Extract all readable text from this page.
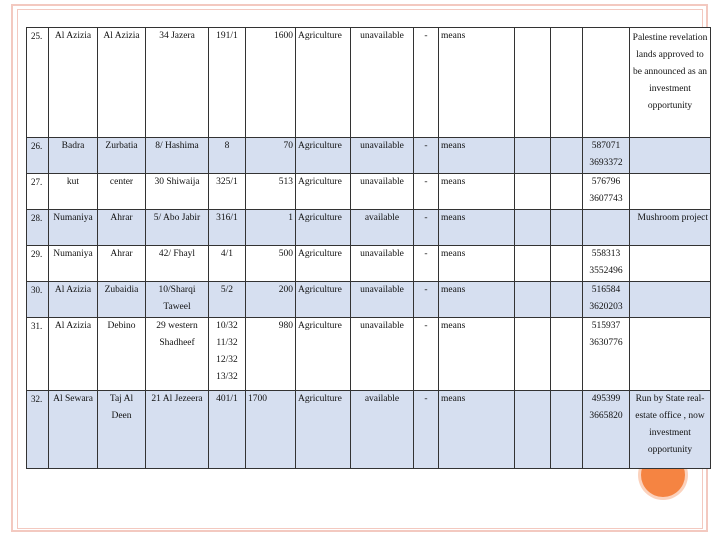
25.	Al Azizia	Al Azizia	34 Jazera	191/1	1600	Agriculture	unavailable	-	means				Palestine revelation lands approved to be announced as an investment opportunity

26.	Badra	Zurbatia	8/ Hashima	8	70	Agriculture	unavailable	-	means			587071 3693372	
27.	kut	center	30 Shiwaija	325/1	513	Agriculture	unavailable	-	means			576796 3607743	
28.	Numaniya	Ahrar	5/ Abo Jabir	316/1	1	Agriculture	available	-	means				Mushroom project
29.	Numaniya	Ahrar	42/ Fhayl	4/1	500	Agriculture	unavailable	-	means			558313 3552496	
30.	Al Azizia	Zubaidia	10/Sharqi Taweel	5/2	200	Agriculture	unavailable	-	means			516584 3620203	
31.	Al Azizia	Debino	29 western Shadheef	10/32 11/32 12/32 13/32	980	Agriculture	unavailable	-	means			515937 3630776	
32.	Al Sewara	Taj Al Deen	21 Al Jezeera	401/1	1700	Agriculture	available	-	means			495399 3665820	Run by State real-estate office , now investment opportunity
